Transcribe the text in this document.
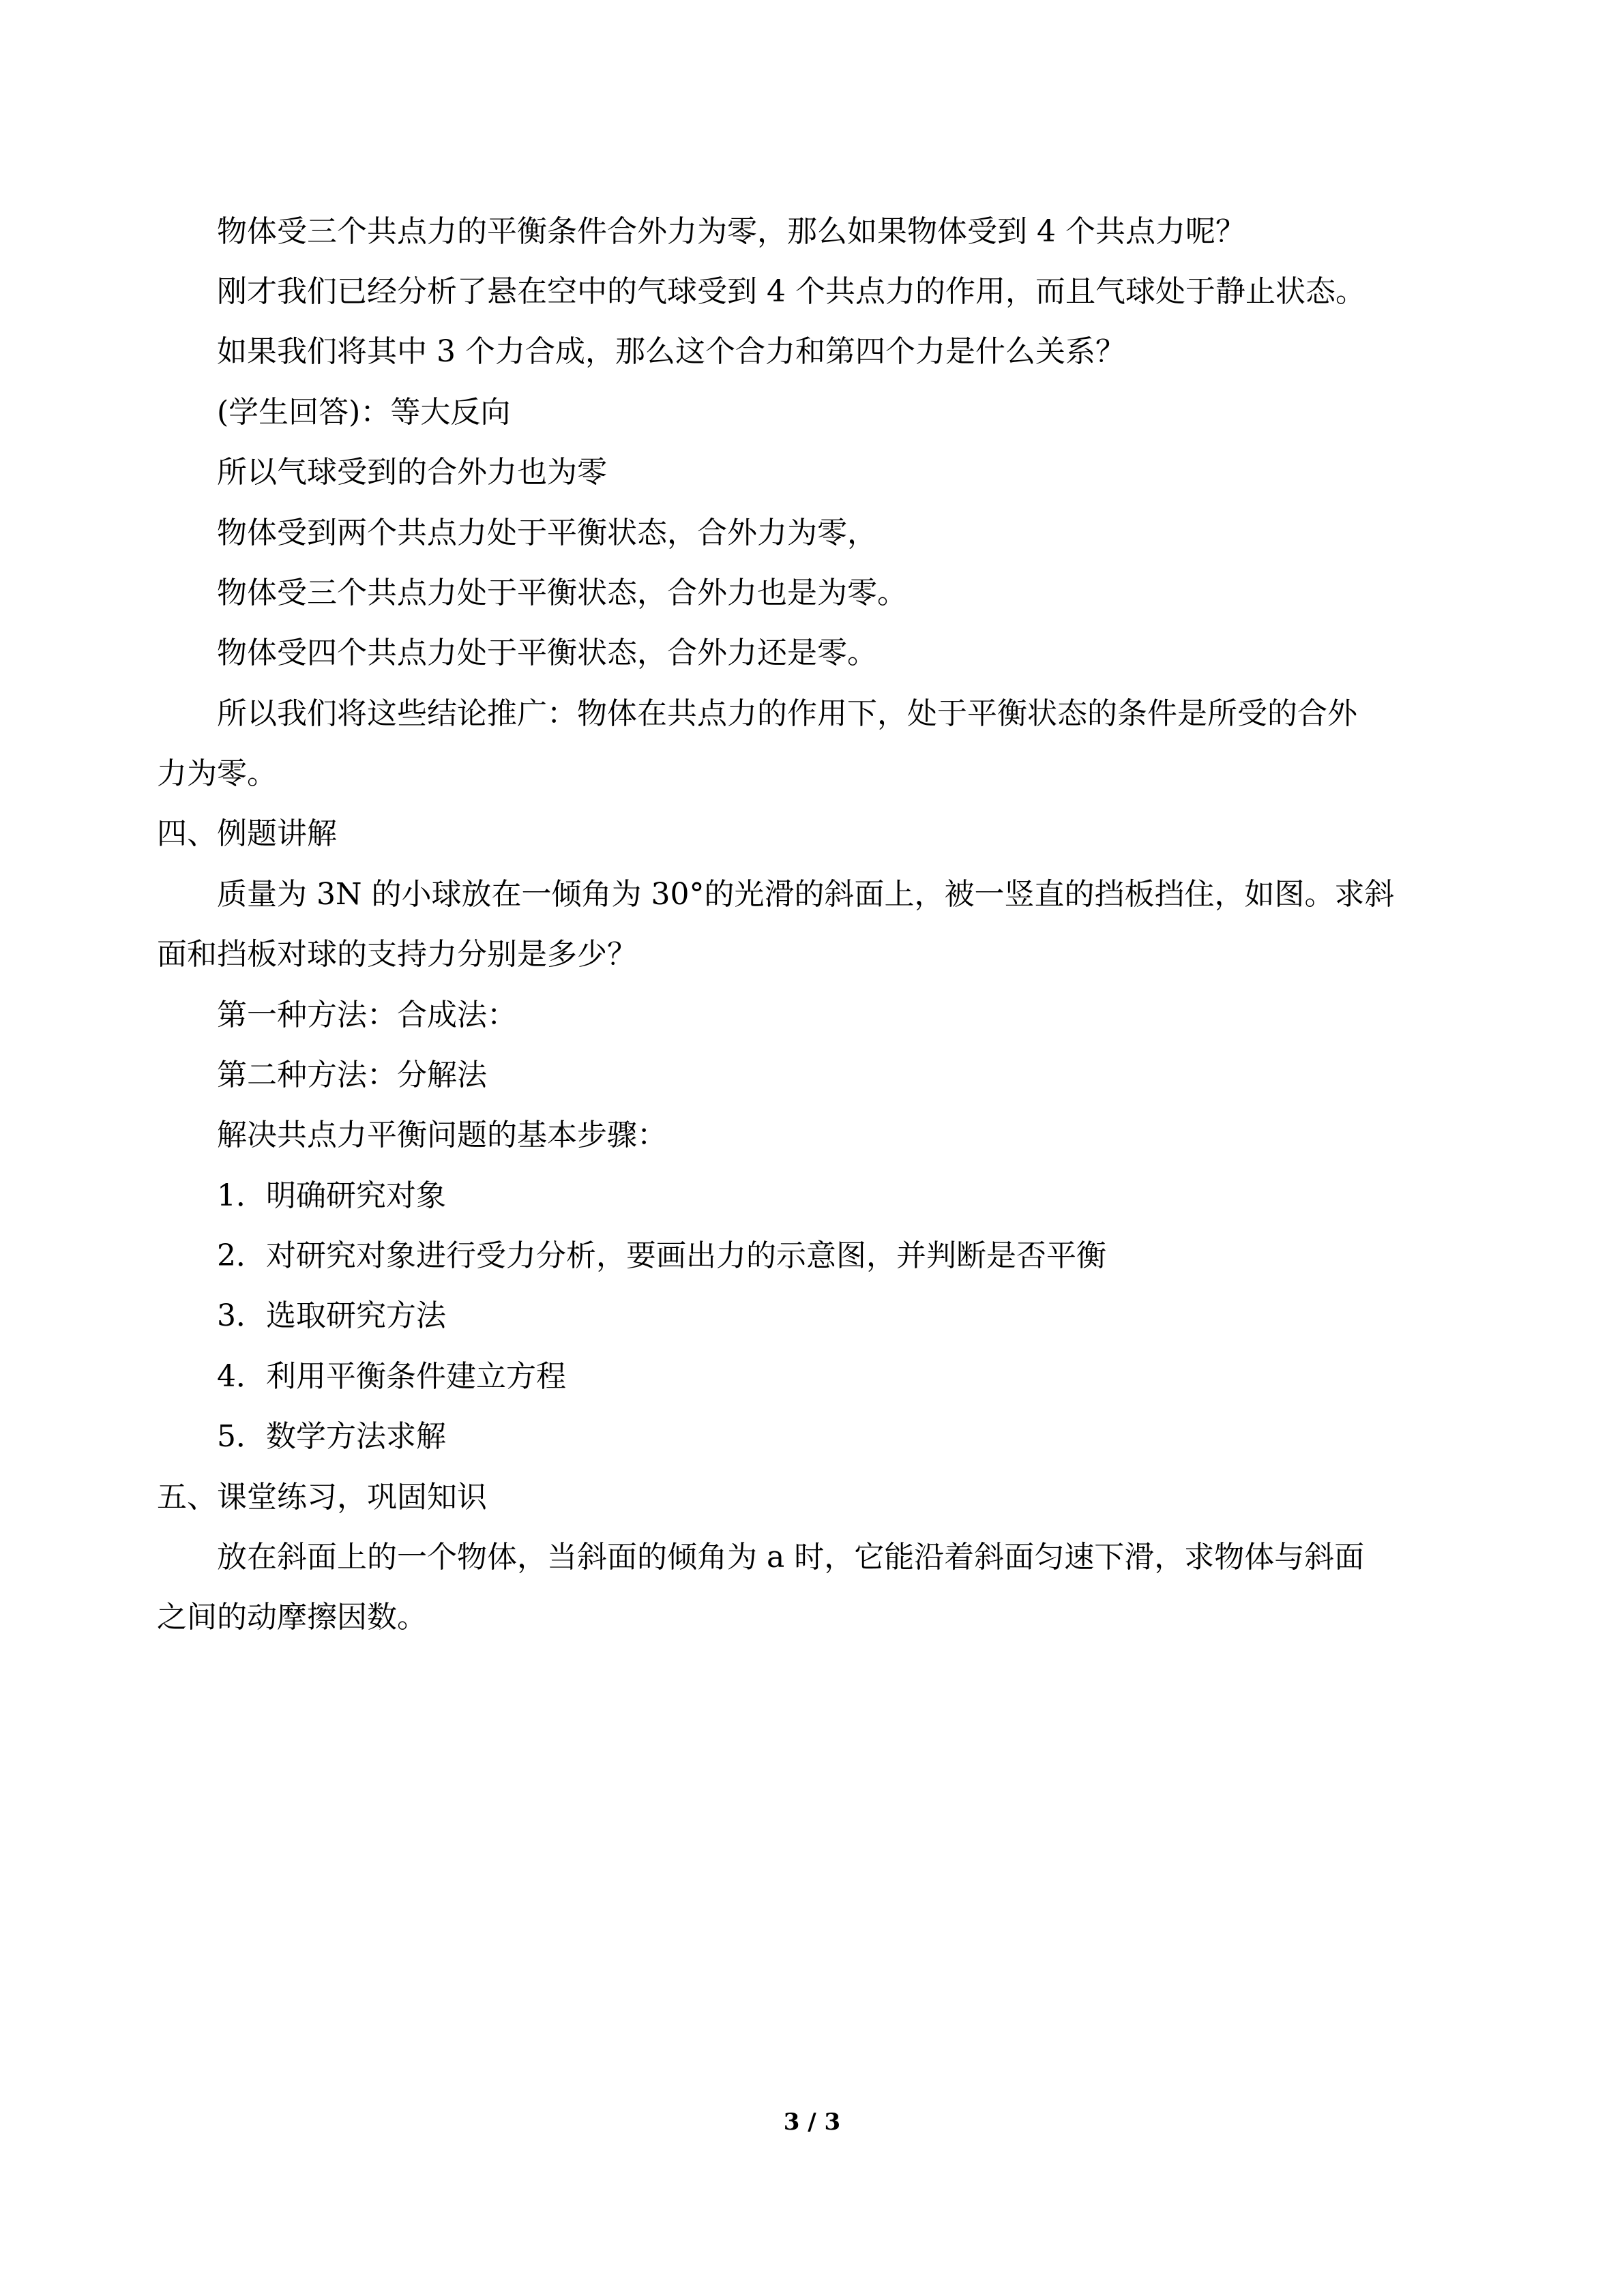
物体受三个共点力的平衡条件合外力为零，那么如果物体受到 4 个共点力呢？

刚才我们已经分析了悬在空中的气球受到 4 个共点力的作用，而且气球处于静止状态。

如果我们将其中 3 个力合成，那么这个合力和第四个力是什么关系？

(学生回答)：等大反向

所以气球受到的合外力也为零

物体受到两个共点力处于平衡状态，合外力为零，

物体受三个共点力处于平衡状态，合外力也是为零。

物体受四个共点力处于平衡状态，合外力还是零。

所以我们将这些结论推广：物体在共点力的作用下，处于平衡状态的条件是所受的合外

力为零。

四、例题讲解

质量为 3N 的小球放在一倾角为 30°的光滑的斜面上，被一竖直的挡板挡住，如图。求斜

面和挡板对球的支持力分别是多少？

第一种方法：合成法：

第二种方法：分解法

解决共点力平衡问题的基本步骤：

1．明确研究对象

2．对研究对象进行受力分析，要画出力的示意图，并判断是否平衡

3．选取研究方法

4．利用平衡条件建立方程

5．数学方法求解

五、课堂练习，巩固知识

放在斜面上的一个物体，当斜面的倾角为 a 时，它能沿着斜面匀速下滑，求物体与斜面

之间的动摩擦因数。

3 / 3
